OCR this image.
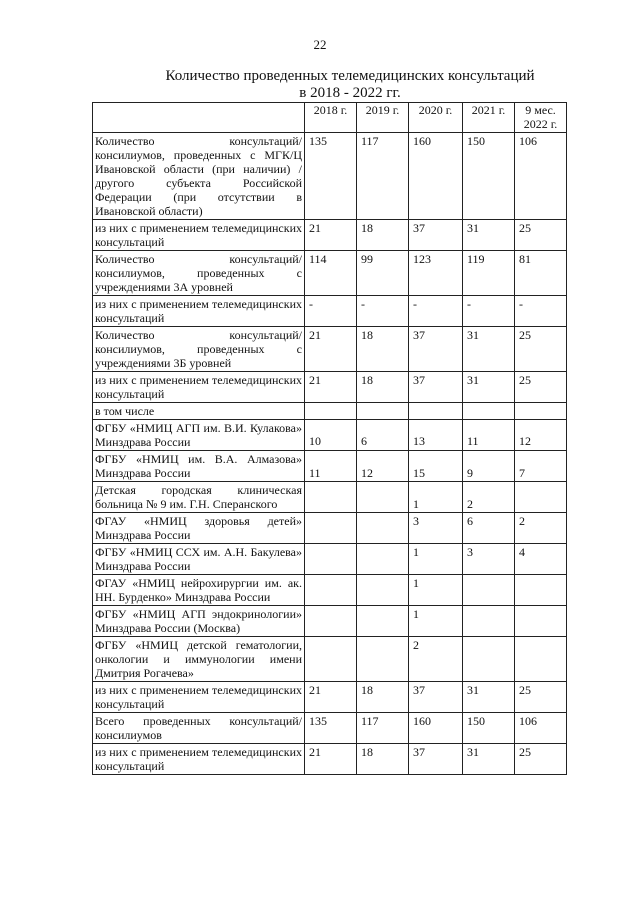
22
Количество проведенных телемедицинских консультаций
в 2018 - 2022 гг.
	2018 г.	2019 г.	2020 г.	2021 г.	9 мес. 2022 г.
Количество консультаций/ консилиумов, проведенных с МГК/Ц Ивановской области (при наличии) / другого субъекта Российской Федерации (при отсутствии в Ивановской области)	135	117	160	150	106
из них с применением телемедицинских консультаций	21	18	37	31	25
Количество консультаций/ консилиумов, проведенных с учреждениями 3А уровней	114	99	123	119	81
из них с применением телемедицинских консультаций	-	-	-	-	-
Количество консультаций/ консилиумов, проведенных с учреждениями 3Б уровней	21	18	37	31	25
из них с применением телемедицинских консультаций	21	18	37	31	25
в том числе					
ФГБУ «НМИЦ АГП им. В.И. Кулакова» Минздрава России	10	6	13	11	12
ФГБУ «НМИЦ им. В.А. Алмазова» Минздрава России	11	12	15	9	7
Детская городская клиническая больница № 9 им. Г.Н. Сперанского			1	2	
ФГАУ «НМИЦ здоровья детей» Минздрава России			3	6	2
ФГБУ «НМИЦ ССХ им. А.Н. Бакулева» Минздрава России			1	3	4
ФГАУ «НМИЦ нейрохирургии им. ак. НН. Бурденко» Минздрава России			1		
ФГБУ «НМИЦ АГП эндокринологии» Минздрава России (Москва)			1		
ФГБУ «НМИЦ детской гематологии, онкологии и иммунологии имени Дмитрия Рогачева»			2		
из них с применением телемедицинских консультаций	21	18	37	31	25
Всего проведенных консультаций/ консилиумов	135	117	160	150	106
из них с применением телемедицинских консультаций	21	18	37	31	25
